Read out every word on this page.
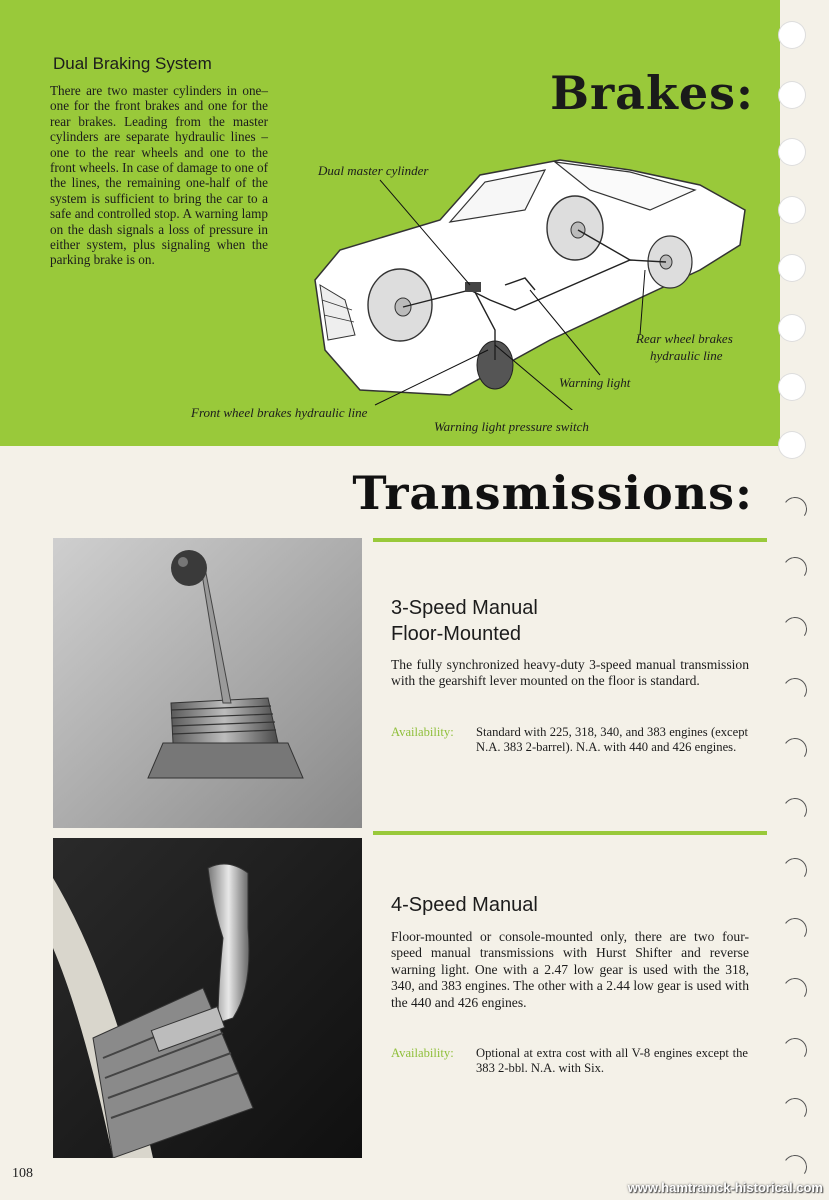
Dual Braking System
There are two master cylinders in one–one for the front brakes and one for the rear brakes. Leading from the master cylinders are separate hydraulic lines –one to the rear wheels and one to the front wheels. In case of damage to one of the lines, the remaining one-half of the system is sufficient to bring the car to a safe and controlled stop. A warning lamp on the dash signals a loss of pressure in either system, plus signaling when the parking brake is on.
Brakes:
Dual master cylinder
Rear wheel brakes
hydraulic line
Warning light
Front wheel brakes hydraulic line
Warning light pressure switch
Transmissions:
3-Speed Manual
Floor-Mounted
The fully synchronized heavy-duty 3-speed manual transmission with the gearshift lever mounted on the floor is standard.
Availability: Standard with 225, 318, 340, and 383 engines (except N.A. 383 2-barrel). N.A. with 440 and 426 engines.
4-Speed Manual
Floor-mounted or console-mounted only, there are two four-speed manual transmissions with Hurst Shifter and reverse warning light. One with a 2.47 low gear is used with the 318, 340, and 383 engines. The other with a 2.44 low gear is used with the 440 and 426 engines.
Availability: Optional at extra cost with all V-8 engines except the 383 2-bbl. N.A. with Six.
108
www.hamtramck-historical.com
